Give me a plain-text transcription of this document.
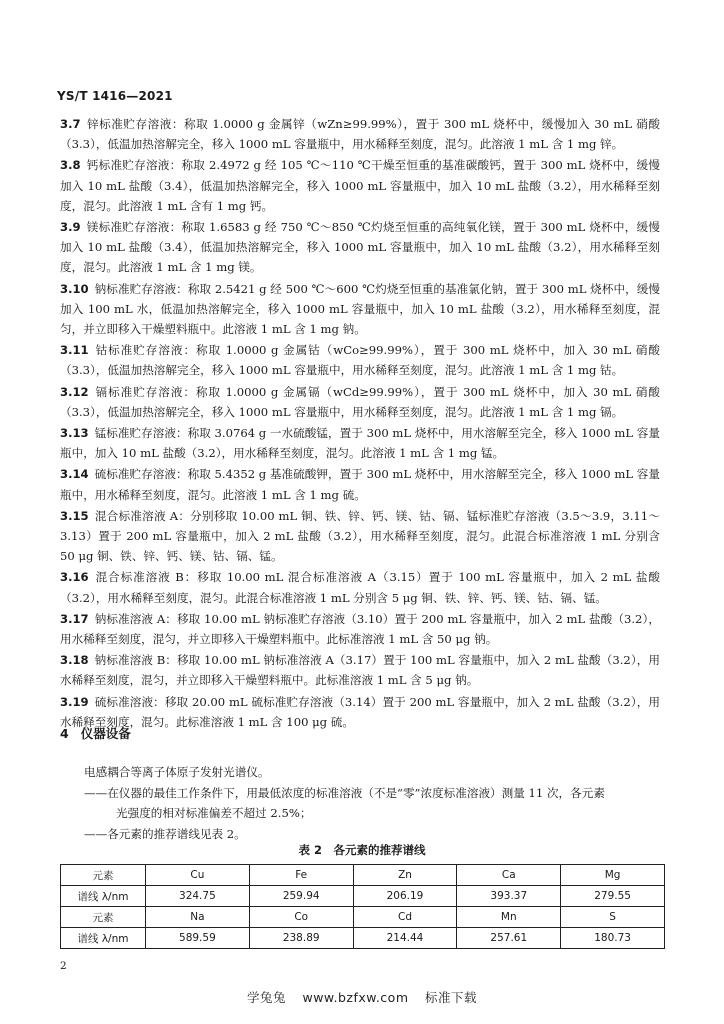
YS/T 1416—2021

3.7 锌标准贮存溶液：称取 1.0000 g 金属锌（wZn≥99.99%），置于 300 mL 烧杯中，缓慢加入 30 mL 硝酸（3.3），低温加热溶解完全，移入 1000 mL 容量瓶中，用水稀释至刻度，混匀。此溶液 1 mL 含 1 mg 锌。

3.8 钙标准贮存溶液：称取 2.4972 g 经 105 ℃～110 ℃干燥至恒重的基准碳酸钙，置于 300 mL 烧杯中，缓慢加入 10 mL 盐酸（3.4），低温加热溶解完全，移入 1000 mL 容量瓶中，加入 10 mL 盐酸（3.2），用水稀释至刻度，混匀。此溶液 1 mL 含有 1 mg 钙。

3.9 镁标准贮存溶液：称取 1.6583 g 经 750 ℃～850 ℃灼烧至恒重的高纯氧化镁，置于 300 mL 烧杯中，缓慢加入 10 mL 盐酸（3.4），低温加热溶解完全，移入 1000 mL 容量瓶中，加入 10 mL 盐酸（3.2），用水稀释至刻度，混匀。此溶液 1 mL 含 1 mg 镁。

3.10 钠标准贮存溶液：称取 2.5421 g 经 500 ℃～600 ℃灼烧至恒重的基准氯化钠，置于 300 mL 烧杯中，缓慢加入 100 mL 水，低温加热溶解完全，移入 1000 mL 容量瓶中，加入 10 mL 盐酸（3.2），用水稀释至刻度，混匀，并立即移入干燥塑料瓶中。此溶液 1 mL 含 1 mg 钠。

3.11 钴标准贮存溶液：称取 1.0000 g 金属钴（wCo≥99.99%），置于 300 mL 烧杯中，加入 30 mL 硝酸（3.3），低温加热溶解完全，移入 1000 mL 容量瓶中，用水稀释至刻度，混匀。此溶液 1 mL 含 1 mg 钴。

3.12 镉标准贮存溶液：称取 1.0000 g 金属镉（wCd≥99.99%），置于 300 mL 烧杯中，加入 30 mL 硝酸（3.3），低温加热溶解完全，移入 1000 mL 容量瓶中，用水稀释至刻度，混匀。此溶液 1 mL 含 1 mg 镉。

3.13 锰标准贮存溶液：称取 3.0764 g 一水硫酸锰，置于 300 mL 烧杯中，用水溶解至完全，移入 1000 mL 容量瓶中，加入 10 mL 盐酸（3.2），用水稀释至刻度，混匀。此溶液 1 mL 含 1 mg 锰。

3.14 硫标准贮存溶液：称取 5.4352 g 基准硫酸钾，置于 300 mL 烧杯中，用水溶解至完全，移入 1000 mL 容量瓶中，用水稀释至刻度，混匀。此溶液 1 mL 含 1 mg 硫。

3.15 混合标准溶液 A：分别移取 10.00 mL 铜、铁、锌、钙、镁、钴、镉、锰标准贮存溶液（3.5～3.9，3.11～3.13）置于 200 mL 容量瓶中，加入 2 mL 盐酸（3.2），用水稀释至刻度，混匀。此混合标准溶液 1 mL 分别含 50 μg 铜、铁、锌、钙、镁、钴、镉、锰。

3.16 混合标准溶液 B：移取 10.00 mL 混合标准溶液 A（3.15）置于 100 mL 容量瓶中，加入 2 mL 盐酸（3.2），用水稀释至刻度，混匀。此混合标准溶液 1 mL 分别含 5 μg 铜、铁、锌、钙、镁、钴、镉、锰。

3.17 钠标准溶液 A：移取 10.00 mL 钠标准贮存溶液（3.10）置于 200 mL 容量瓶中，加入 2 mL 盐酸（3.2），用水稀释至刻度，混匀，并立即移入干燥塑料瓶中。此标准溶液 1 mL 含 50 μg 钠。

3.18 钠标准溶液 B：移取 10.00 mL 钠标准溶液 A（3.17）置于 100 mL 容量瓶中，加入 2 mL 盐酸（3.2），用水稀释至刻度，混匀，并立即移入干燥塑料瓶中。此标准溶液 1 mL 含 5 μg 钠。

3.19 硫标准溶液：移取 20.00 mL 硫标准贮存溶液（3.14）置于 200 mL 容量瓶中，加入 2 mL 盐酸（3.2），用水稀释至刻度，混匀。此标准溶液 1 mL 含 100 μg 硫。

4 仪器设备
电感耦合等离子体原子发射光谱仪。
——在仪器的最佳工作条件下，用最低浓度的标准溶液（不是“零”浓度标准溶液）测量 11 次，各元素
光强度的相对标准偏差不超过 2.5%；
——各元素的推荐谱线见表 2。
表 2　各元素的推荐谱线
元素	Cu	Fe	Zn	Ca	Mg
谱线 λ/nm	324.75	259.94	206.19	393.37	279.55
元素	Na	Co	Cd	Mn	S
谱线 λ/nm	589.59	238.89	214.44	257.61	180.73
2
学兔兔 www.bzfxw.com 标准下载
